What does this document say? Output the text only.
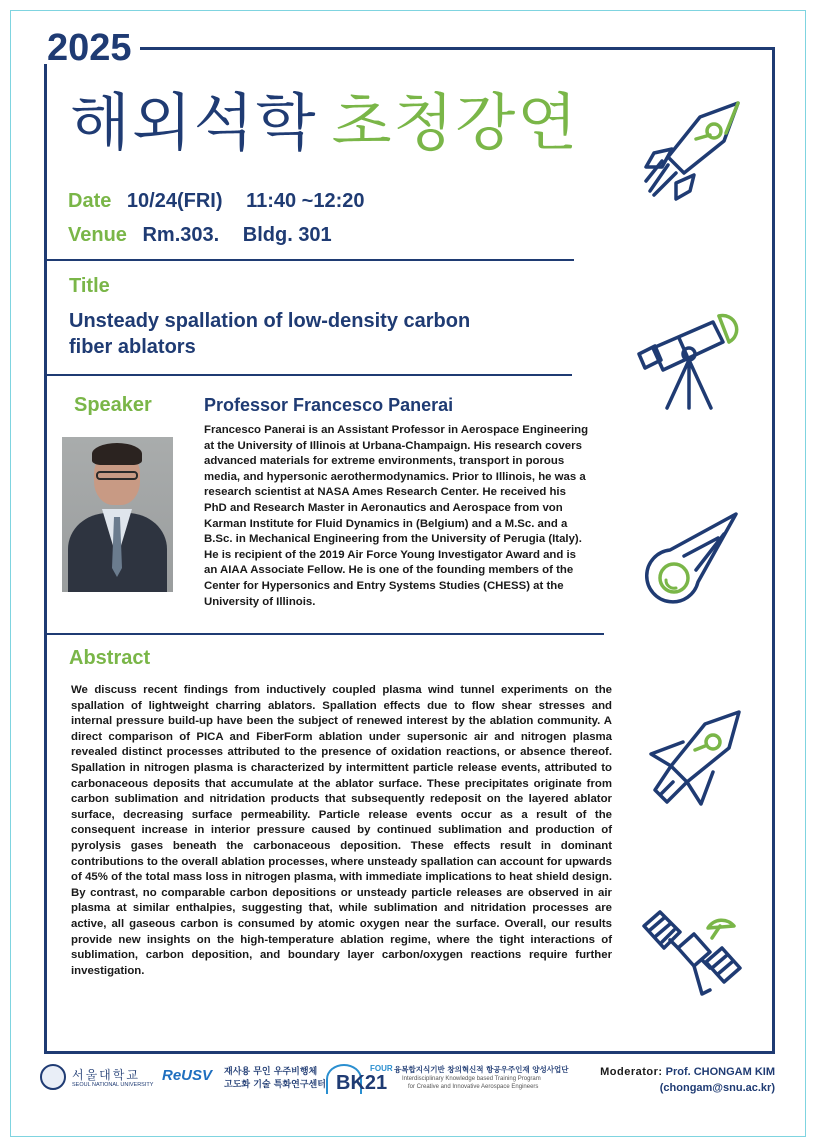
2025
해외석학 초청강연
Date 10/24(FRI) 11:40 ~12:20
Venue Rm.303. Bldg. 301
Title
Unsteady spallation of low-density carbon
fiber ablators
Speaker	Professor Francesco Panerai
Francesco Panerai is an Assistant Professor in Aerospace Engineering at the University of Illinois at Urbana-Champaign. His research covers advanced materials for extreme environments, transport in porous media, and hypersonic aerothermodynamics. Prior to Illinois, he was a research scientist at NASA Ames Research Center. He received his PhD and Research Master in Aeronautics and Aerospace from von Karman Institute for Fluid Dynamics in (Belgium) and a M.Sc. and a B.Sc. in Mechanical Engineering from the University of Perugia (Italy). He is recipient of the 2019 Air Force Young Investigator Award and is an AIAA Associate Fellow. He is one of the founding members of the Center for Hypersonics and Entry Systems Studies (CHESS) at the University of Illinois.
Abstract
We discuss recent findings from inductively coupled plasma wind tunnel experiments on the spallation of lightweight charring ablators. Spallation effects due to flow shear stresses and internal pressure build-up have been the subject of renewed interest by the ablation community. A direct comparison of PICA and FiberForm ablation under supersonic air and nitrogen plasma revealed distinct processes attributed to the presence of oxidation reactions, or absence thereof. Spallation in nitrogen plasma is characterized by intermittent particle release events, attributed to carbonaceous deposits that accumulate at the ablator surface. These precipitates originate from carbon sublimation and nitridation products that subsequently redeposit on the layered ablator surface, decreasing surface permeability. Particle release events occur as a result of the consequent increase in interior pressure caused by continued sublimation and production of pyrolysis gases beneath the carbonaceous deposition. These effects result in dominant contributions to the overall ablation processes, where unsteady spallation can account for upwards of 45% of the total mass loss in nitrogen plasma, with immediate implications to heat shield design. By contrast, no comparable carbon depositions or unsteady particle releases are observed in air plasma at similar enthalpies, suggesting that, while sublimation and nitridation processes are active, all gaseous carbon is consumed by atomic oxygen near the surface. Overall, our results provide new insights on the high-temperature ablation regime, where the tight interactions of sublimation, carbon deposition, and boundary layer carbon/oxygen reactions require further investigation.
서울대학교
SEOUL NATIONAL UNIVERSITY
ReUSV 재사용 무인 우주비행체
고도화 기술 특화연구센터
FOUR
BK21
융복합지식기반 창의혁신적 항공우주인재 양성사업단
Interdisciplinary Knowledge based Training Program
for Creative and Innovative Aerospace Engineers
Moderator: Prof. CHONGAM KIM
(chongam@snu.ac.kr)
